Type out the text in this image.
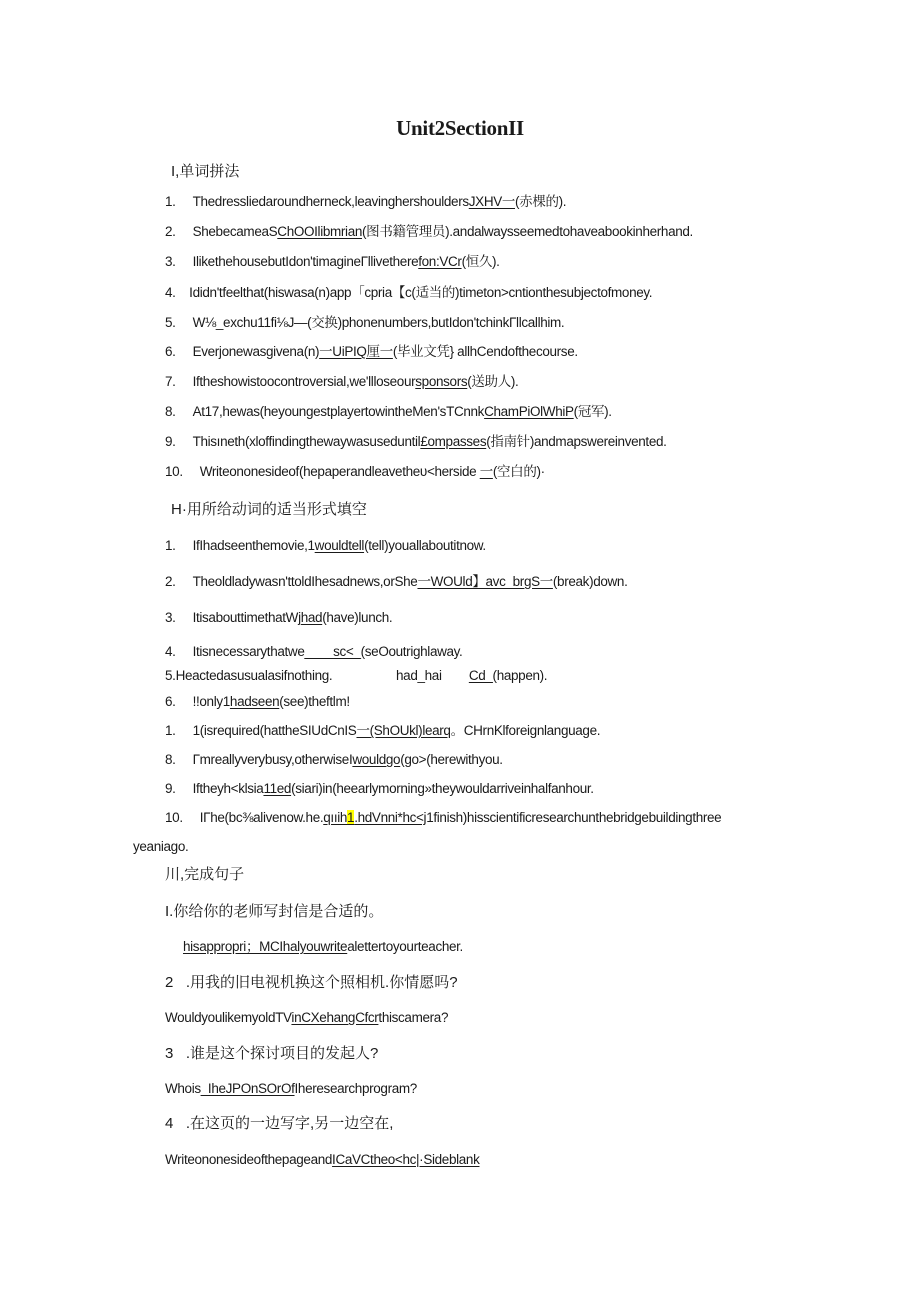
Unit2SectionII
I,单词拼法
1. Thedressliedaroundherneck,leavinghershouldersJXHV一(赤棵的).
2. ShebecameaSChOOIlibmrian(图书籍管理员).andalwaysseemedtohaveabookinherhand.
3. IlikethehousebutIdon'timagineΓllivetherefon:VCr(恒久).
4. Ididn'tfeelthat(hiswasa(n)app「cpria【c(适当的)timeton>cntionthesubjectofmoney.
5. W⅛_exchu11fi⅛J—(交换)phonenumbers,butIdon'tchinkΓllcallhim.
6. Everjonewasgivena(n)一UiPIQ厘一(毕业文凭} allhCendofthecourse.
7. Iftheshowistoocontroversial,we'llloseoursponsors(送助人).
8. At17,hewas(heyoungestplayertowintheMen'sTCnnkChamPiOlWhiP(冠军).
9. Thisıneth(xloffindingthewaywasuseduntil£ompasses(指南针)andmapswereinvented.
10. Writeononesideof(hepaperandleavetheυ<herside 一(空白的)·
H·用所给动词的适当形式填空
1. IfIhadseenthemovie,1wouldtell(tell)youallaboutitnow.
2. Theoldladywasn'ttoldIhesadnews,orShe一WOUld】avc_brgS一(break)down.
3. ItisabouttimethatWjhad(have)lunch.
4. Itisnecessarythatwe____sc<_(seOoutrighlaway.
5.Heactedasusualasifnothing.	had_hai Cd_(happen).
6. !!only1hadseen(see)theftlm!
1. 1(isrequired(hattheSIUdCnIS一(ShOUkl)learq。CHrnKlforeignlanguage.
8. Γmreallyverybusy,otherwiseIwouldgo(go>(herewithyou.
9. Iftheyh<klsia11ed(siari)in(heearlymorning»theywouldarriveinhalfanhour.
10. IΓhe(bc⅜alivenow.he.qııih1.hdVnni*hc<j1finish)hisscientificresearchunthebridgebuildingthree
yeaniago.
川,完成句子
I.你给你的老师写封信是合适的。
hisappropri；MCIhalyouwritealettertoyourteacher.
2 .用我的旧电视机换这个照相机.你情愿吗?
WouldyoulikemyoldTVinCXehangCfcrthiscamera?
3 .谁是这个探讨项目的发起人?
Whois_IheJPOnSOrOfIheresearchprogram?
4 .在这页的一边写字,另一边空在,
WriteononesideofthepageandICaVCtheo<hc|·Sideblank
